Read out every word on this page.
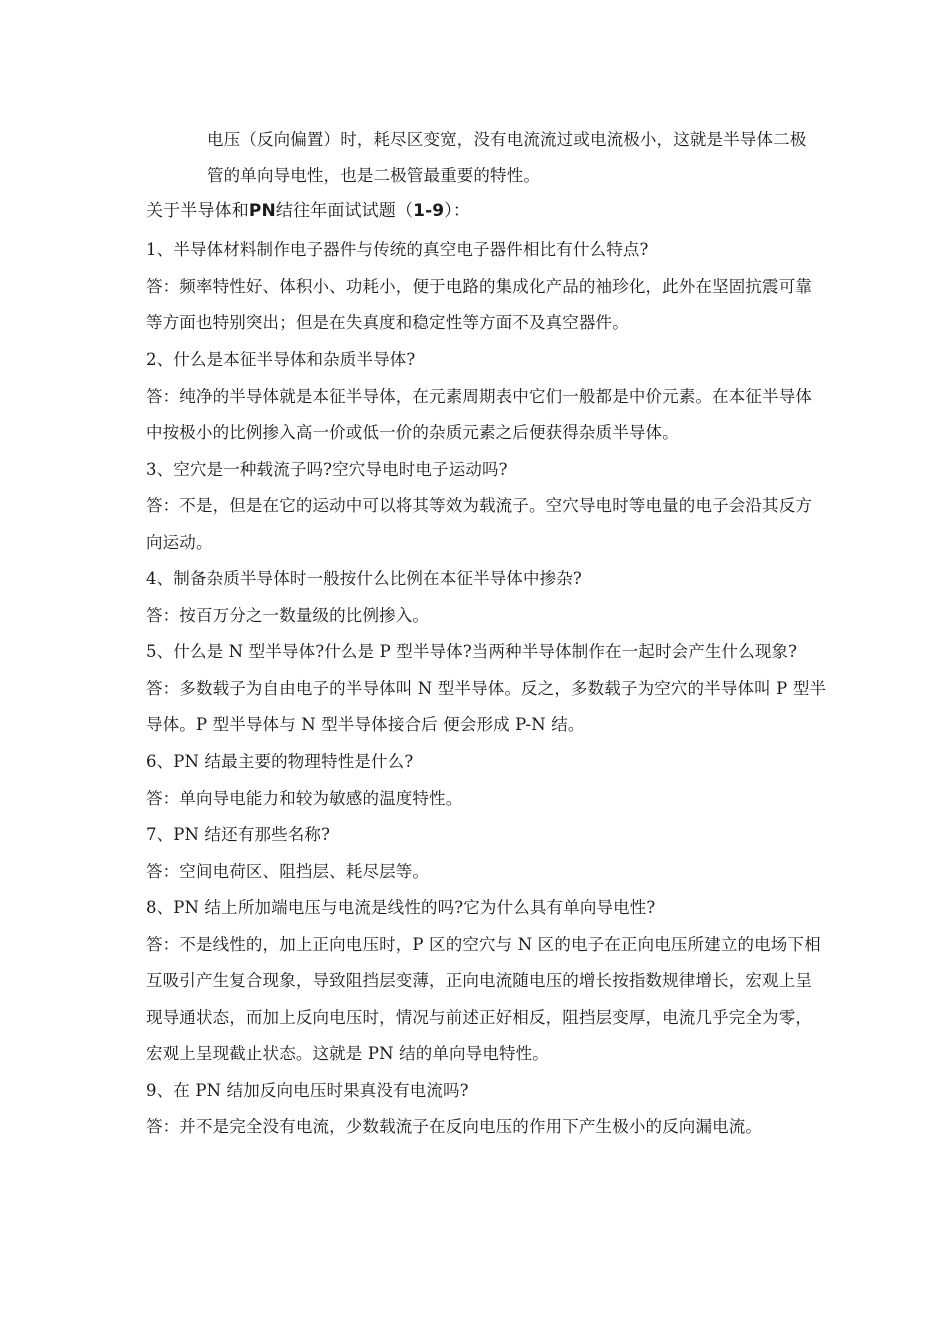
电压（反向偏置）时，耗尽区变宽，没有电流流过或电流极小，这就是半导体二极
管的单向导电性，也是二极管最重要的特性。
关于半导体和PN结往年面试试题（1-9）：
1、半导体材料制作电子器件与传统的真空电子器件相比有什么特点?
答：频率特性好、体积小、功耗小，便于电路的集成化产品的袖珍化，此外在坚固抗震可靠
等方面也特别突出；但是在失真度和稳定性等方面不及真空器件。
2、什么是本征半导体和杂质半导体?
答：纯净的半导体就是本征半导体，在元素周期表中它们一般都是中价元素。在本征半导体
中按极小的比例掺入高一价或低一价的杂质元素之后便获得杂质半导体。
3、空穴是一种载流子吗?空穴导电时电子运动吗?
答：不是，但是在它的运动中可以将其等效为载流子。空穴导电时等电量的电子会沿其反方
向运动。
4、制备杂质半导体时一般按什么比例在本征半导体中掺杂?
答：按百万分之一数量级的比例掺入。
5、什么是 N 型半导体?什么是 P 型半导体?当两种半导体制作在一起时会产生什么现象?
答：多数载子为自由电子的半导体叫 N 型半导体。反之，多数载子为空穴的半导体叫 P 型半
导体。P 型半导体与 N 型半导体接合后 便会形成 P-N 结。
6、PN 结最主要的物理特性是什么?
答：单向导电能力和较为敏感的温度特性。
7、PN 结还有那些名称?
答：空间电荷区、阻挡层、耗尽层等。
8、PN 结上所加端电压与电流是线性的吗?它为什么具有单向导电性?
答：不是线性的，加上正向电压时，P 区的空穴与 N 区的电子在正向电压所建立的电场下相
互吸引产生复合现象，导致阻挡层变薄，正向电流随电压的增长按指数规律增长，宏观上呈
现导通状态，而加上反向电压时，情况与前述正好相反，阻挡层变厚，电流几乎完全为零，
宏观上呈现截止状态。这就是 PN 结的单向导电特性。
9、在 PN 结加反向电压时果真没有电流吗?
答：并不是完全没有电流，少数载流子在反向电压的作用下产生极小的反向漏电流。
